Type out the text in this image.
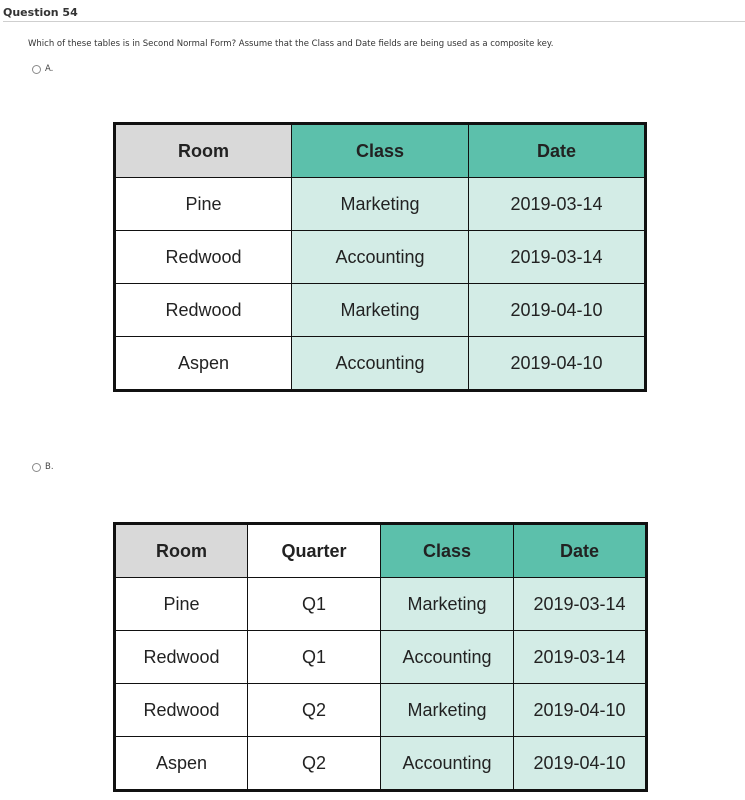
Question 54
Which of these tables is in Second Normal Form? Assume that the Class and Date fields are being used as a composite key.
A.
Room	Class	Date
Pine	Marketing	2019-03-14
Redwood	Accounting	2019-03-14
Redwood	Marketing	2019-04-10
Aspen	Accounting	2019-04-10
B.
Room	Quarter	Class	Date
Pine	Q1	Marketing	2019-03-14
Redwood	Q1	Accounting	2019-03-14
Redwood	Q2	Marketing	2019-04-10
Aspen	Q2	Accounting	2019-04-10
